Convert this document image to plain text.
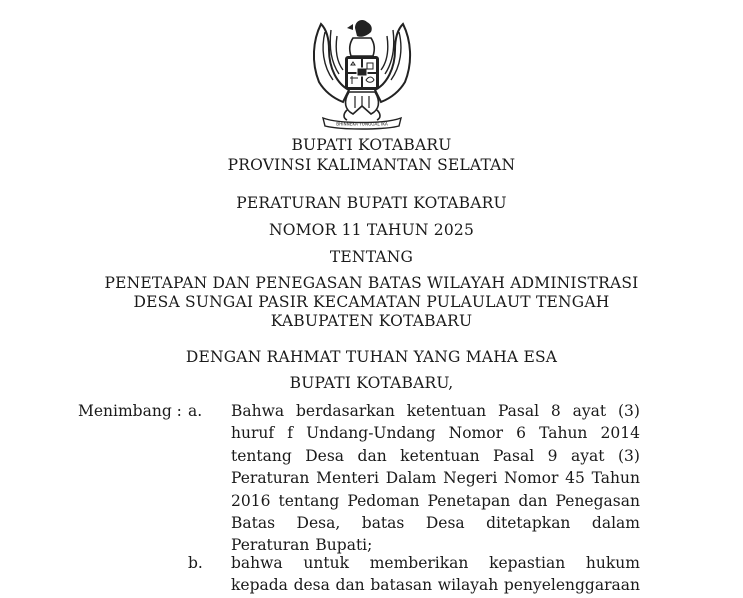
BHINNEKA TUNGGAL IKA
BUPATI KOTABARU
PROVINSI KALIMANTAN SELATAN
PERATURAN BUPATI KOTABARU
NOMOR 11 TAHUN 2025
TENTANG
PENETAPAN DAN PENEGASAN BATAS WILAYAH ADMINISTRASI
DESA SUNGAI PASIR KECAMATAN PULAULAUT TENGAH
KABUPATEN KOTABARU
DENGAN RAHMAT TUHAN YANG MAHA ESA
BUPATI KOTABARU,
Menimbang : a. Bahwa berdasarkan ketentuan Pasal 8 ayat (3)
huruf f Undang-Undang Nomor 6 Tahun 2014
tentang Desa dan ketentuan Pasal 9 ayat (3)
Peraturan Menteri Dalam Negeri Nomor 45 Tahun
2016 tentang Pedoman Penetapan dan Penegasan
Batas Desa, batas Desa ditetapkan dalam
Peraturan Bupati;
b. bahwa untuk memberikan kepastian hukum
kepada desa dan batasan wilayah penyelenggaraan
